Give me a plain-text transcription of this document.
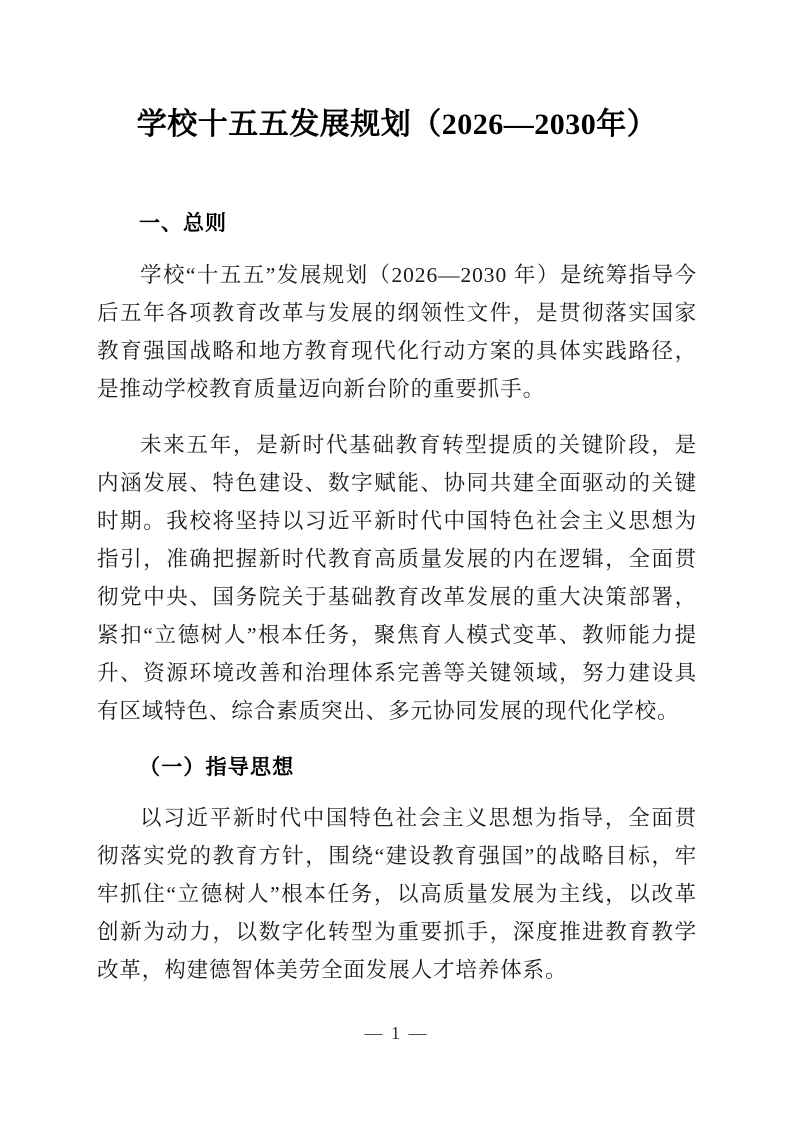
学校十五五发展规划（2026—2030年）
一、总则

学校“十五五”发展规划（2026—2030 年）是统筹指导今后五年各项教育改革与发展的纲领性文件，是贯彻落实国家教育强国战略和地方教育现代化行动方案的具体实践路径，是推动学校教育质量迈向新台阶的重要抓手。

未来五年，是新时代基础教育转型提质的关键阶段，是内涵发展、特色建设、数字赋能、协同共建全面驱动的关键时期。我校将坚持以习近平新时代中国特色社会主义思想为指引，准确把握新时代教育高质量发展的内在逻辑，全面贯彻党中央、国务院关于基础教育改革发展的重大决策部署，紧扣“立德树人”根本任务，聚焦育人模式变革、教师能力提升、资源环境改善和治理体系完善等关键领域，努力建设具有区域特色、综合素质突出、多元协同发展的现代化学校。

（一）指导思想

以习近平新时代中国特色社会主义思想为指导，全面贯彻落实党的教育方针，围绕“建设教育强国”的战略目标，牢牢抓住“立德树人”根本任务，以高质量发展为主线，以改革创新为动力，以数字化转型为重要抓手，深度推进教育教学改革，构建德智体美劳全面发展人才培养体系。

— 1 —
